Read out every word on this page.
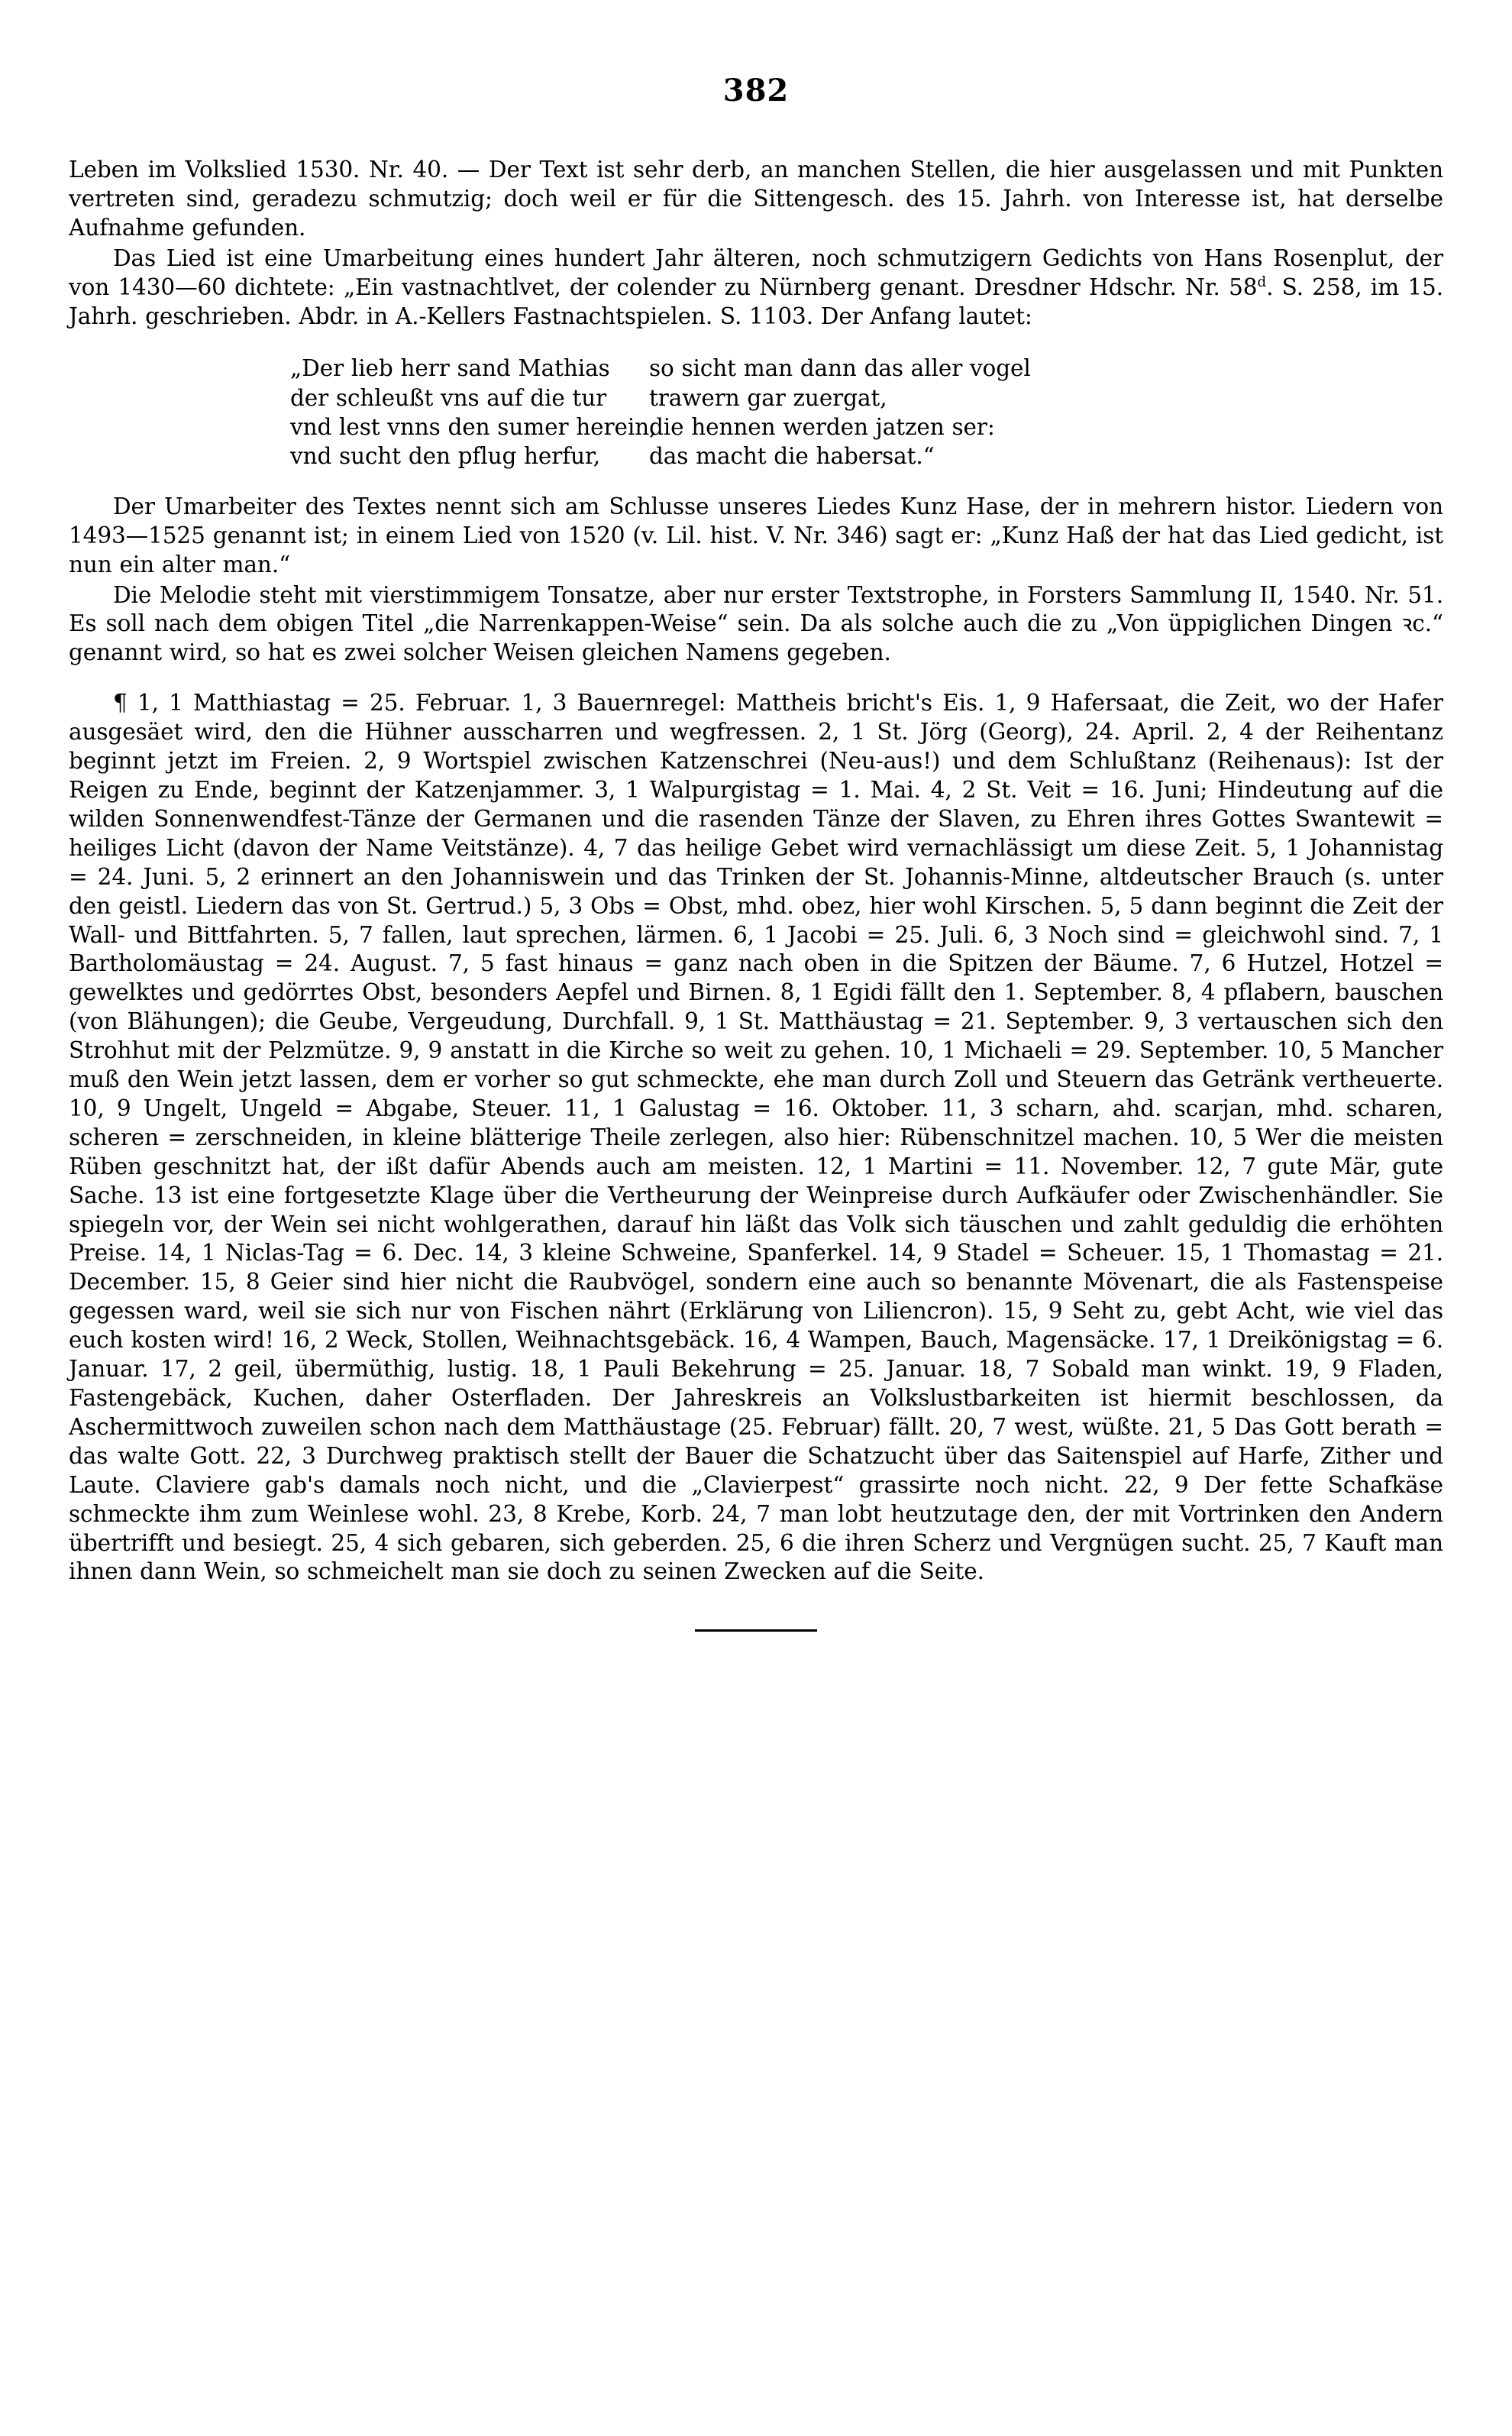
382
Leben im Volkslied 1530. Nr. 40. — Der Text ist sehr derb, an manchen Stellen, die hier ausgelassen und mit Punkten vertreten sind, geradezu schmutzig; doch weil er für die Sittengesch. des 15. Jahrh. von Interesse ist, hat derselbe Aufnahme gefunden.
Das Lied ist eine Umarbeitung eines hundert Jahr älteren, noch schmutzigern Gedichts von Hans Rosenplut, der von 1430—60 dichtete: „Ein vastnachtlvet, der colender zu Nürnberg genant. Dresdner Hdschr. Nr. 58$^d$. S. 258, im 15. Jahrh. geschrieben. Abdr. in A.-Kellers Fastnachtspielen. S. 1103. Der Anfang lautet:
„Der lieb herr sand Mathias
der schleußt vns auf die tur
vnd lest vnns den sumer herein,
vnd sucht den pflug herfur,
so sicht man dann das aller vogel
trawern gar zuergat,
die hennen werden jatzen ser:
das macht die habersat.“
Der Umarbeiter des Textes nennt sich am Schlusse unseres Liedes Kunz Hase, der in mehrern histor. Liedern von 1493—1525 genannt ist; in einem Lied von 1520 (v. Lil. hist. V. Nr. 346) sagt er: „Kunz Haß der hat das Lied gedicht, ist nun ein alter man.“
Die Melodie steht mit vierstimmigem Tonsatze, aber nur erster Textstrophe, in Forsters Sammlung II, 1540. Nr. 51. Es soll nach dem obigen Titel „die Narrenkappen-Weise“ sein. Da als solche auch die zu „Von üppiglichen Dingen ꝛc.“ genannt wird, so hat es zwei solcher Weisen gleichen Namens gegeben.
¶ 1, 1 Matthiastag = 25. Februar. 1, 3 Bauernregel: Mattheis bricht's Eis. 1, 9 Hafersaat, die Zeit, wo der Hafer ausgesäet wird, den die Hühner ausscharren und wegfressen. 2, 1 St. Jörg (Georg), 24. April. 2, 4 der Reihentanz beginnt jetzt im Freien. 2, 9 Wortspiel zwischen Katzenschrei (Neu-aus!) und dem Schlußtanz (Reihenaus): Ist der Reigen zu Ende, beginnt der Katzenjammer. 3, 1 Walpurgistag = 1. Mai. 4, 2 St. Veit = 16. Juni; Hindeutung auf die wilden Sonnenwendfest-Tänze der Germanen und die rasenden Tänze der Slaven, zu Ehren ihres Gottes Swantewit = heiliges Licht (davon der Name Veitstänze). 4, 7 das heilige Gebet wird vernachlässigt um diese Zeit. 5, 1 Johannistag = 24. Juni. 5, 2 erinnert an den Johanniswein und das Trinken der St. Johannis-Minne, altdeutscher Brauch (s. unter den geistl. Liedern das von St. Gertrud.) 5, 3 Obs = Obst, mhd. obez, hier wohl Kirschen. 5, 5 dann beginnt die Zeit der Wall- und Bittfahrten. 5, 7 fallen, laut sprechen, lärmen. 6, 1 Jacobi = 25. Juli. 6, 3 Noch sind = gleichwohl sind. 7, 1 Bartholomäustag = 24. August. 7, 5 fast hinaus = ganz nach oben in die Spitzen der Bäume. 7, 6 Hutzel, Hotzel = gewelktes und gedörrtes Obst, besonders Aepfel und Birnen. 8, 1 Egidi fällt den 1. September. 8, 4 pflabern, bauschen (von Blähungen); die Geube, Vergeudung, Durchfall. 9, 1 St. Matthäustag = 21. September. 9, 3 vertauschen sich den Strohhut mit der Pelzmütze. 9, 9 anstatt in die Kirche so weit zu gehen. 10, 1 Michaeli = 29. September. 10, 5 Mancher muß den Wein jetzt lassen, dem er vorher so gut schmeckte, ehe man durch Zoll und Steuern das Getränk vertheuerte. 10, 9 Ungelt, Ungeld = Abgabe, Steuer. 11, 1 Galustag = 16. Oktober. 11, 3 scharn, ahd. scarjan, mhd. scharen, scheren = zerschneiden, in kleine blätterige Theile zerlegen, also hier: Rübenschnitzel machen. 10, 5 Wer die meisten Rüben geschnitzt hat, der ißt dafür Abends auch am meisten. 12, 1 Martini = 11. November. 12, 7 gute Mär, gute Sache. 13 ist eine fortgesetzte Klage über die Vertheurung der Weinpreise durch Aufkäufer oder Zwischenhändler. Sie spiegeln vor, der Wein sei nicht wohlgerathen, darauf hin läßt das Volk sich täuschen und zahlt geduldig die erhöhten Preise. 14, 1 Niclas-Tag = 6. Dec. 14, 3 kleine Schweine, Spanferkel. 14, 9 Stadel = Scheuer. 15, 1 Thomastag = 21. December. 15, 8 Geier sind hier nicht die Raubvögel, sondern eine auch so benannte Mövenart, die als Fastenspeise gegessen ward, weil sie sich nur von Fischen nährt (Erklärung von Liliencron). 15, 9 Seht zu, gebt Acht, wie viel das euch kosten wird! 16, 2 Weck, Stollen, Weihnachtsgebäck. 16, 4 Wampen, Bauch, Magensäcke. 17, 1 Dreikönigstag = 6. Januar. 17, 2 geil, übermüthig, lustig. 18, 1 Pauli Bekehrung = 25. Januar. 18, 7 Sobald man winkt. 19, 9 Fladen, Fastengebäck, Kuchen, daher Osterfladen. Der Jahreskreis an Volkslustbarkeiten ist hiermit beschlossen, da Aschermittwoch zuweilen schon nach dem Matthäustage (25. Februar) fällt. 20, 7 west, wüßte. 21, 5 Das Gott berath = das walte Gott. 22, 3 Durchweg praktisch stellt der Bauer die Schatzucht über das Saitenspiel auf Harfe, Zither und Laute. Claviere gab's damals noch nicht, und die „Clavierpest“ grassirte noch nicht. 22, 9 Der fette Schafkäse schmeckte ihm zum Weinlese wohl. 23, 8 Krebe, Korb. 24, 7 man lobt heutzutage den, der mit Vortrinken den Andern übertrifft und besiegt. 25, 4 sich gebaren, sich geberden. 25, 6 die ihren Scherz und Vergnügen sucht. 25, 7 Kauft man ihnen dann Wein, so schmeichelt man sie doch zu seinen Zwecken auf die Seite.
